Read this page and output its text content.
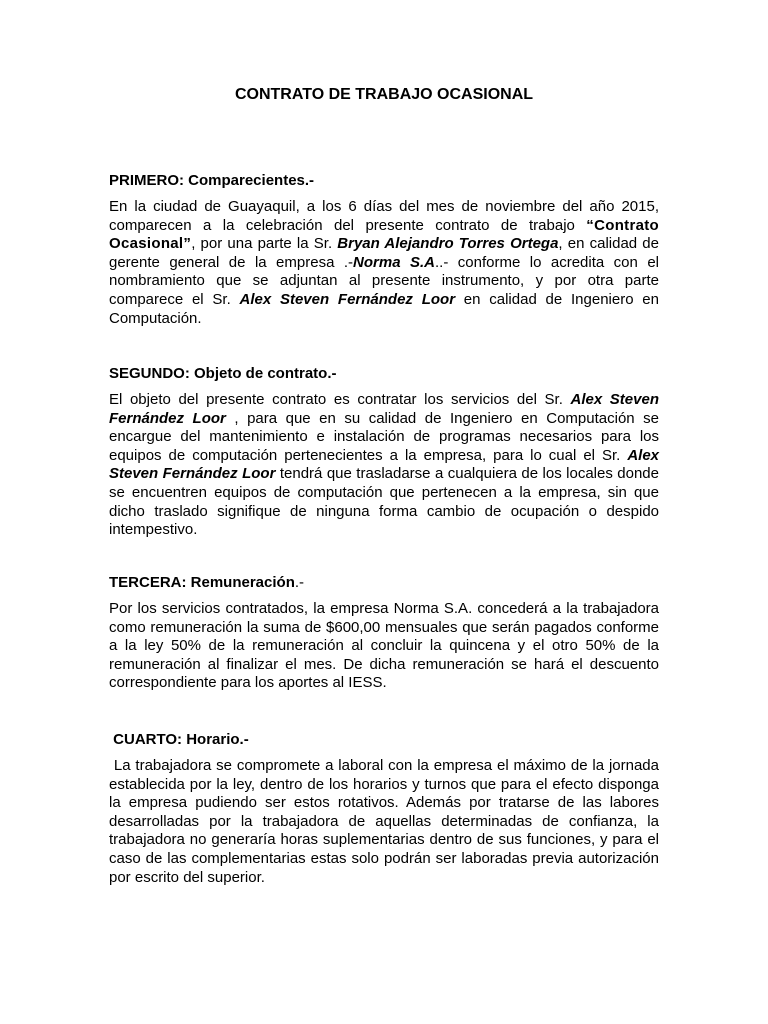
CONTRATO DE TRABAJO OCASIONAL

PRIMERO: Comparecientes.-

En la ciudad de Guayaquil, a los 6 días del mes de noviembre del año 2015, comparecen a la celebración del presente contrato de trabajo “Contrato Ocasional”, por una parte la Sr. Bryan Alejandro Torres Ortega, en calidad de gerente general de la empresa .-Norma S.A..- conforme lo acredita con el nombramiento que se adjuntan al presente instrumento, y por otra parte comparece el Sr. Alex Steven Fernández Loor en calidad de Ingeniero en Computación.

SEGUNDO: Objeto de contrato.-

El objeto del presente contrato es contratar los servicios del Sr. Alex Steven Fernández Loor , para que en su calidad de Ingeniero en Computación se encargue del mantenimiento e instalación de programas necesarios para los equipos de computación pertenecientes a la empresa, para lo cual el Sr. Alex Steven Fernández Loor tendrá que trasladarse a cualquiera de los locales donde se encuentren equipos de computación que pertenecen a la empresa, sin que dicho traslado signifique de ninguna forma cambio de ocupación o despido intempestivo.

TERCERA: Remuneración.-

Por los servicios contratados, la empresa Norma S.A. concederá a la trabajadora como remuneración la suma de $600,00 mensuales que serán pagados conforme a la ley 50% de la remuneración al concluir la quincena y el otro 50% de la remuneración al finalizar el mes. De dicha remuneración se hará el descuento correspondiente para los aportes al IESS.

CUARTO: Horario.-

La trabajadora se compromete a laboral con la empresa el máximo de la jornada establecida por la ley, dentro de los horarios y turnos que para el efecto disponga la empresa pudiendo ser estos rotativos. Además por tratarse de las labores desarrolladas por la trabajadora de aquellas determinadas de confianza, la trabajadora no generaría horas suplementarias dentro de sus funciones, y para el caso de las complementarias estas solo podrán ser laboradas previa autorización por escrito del superior.
